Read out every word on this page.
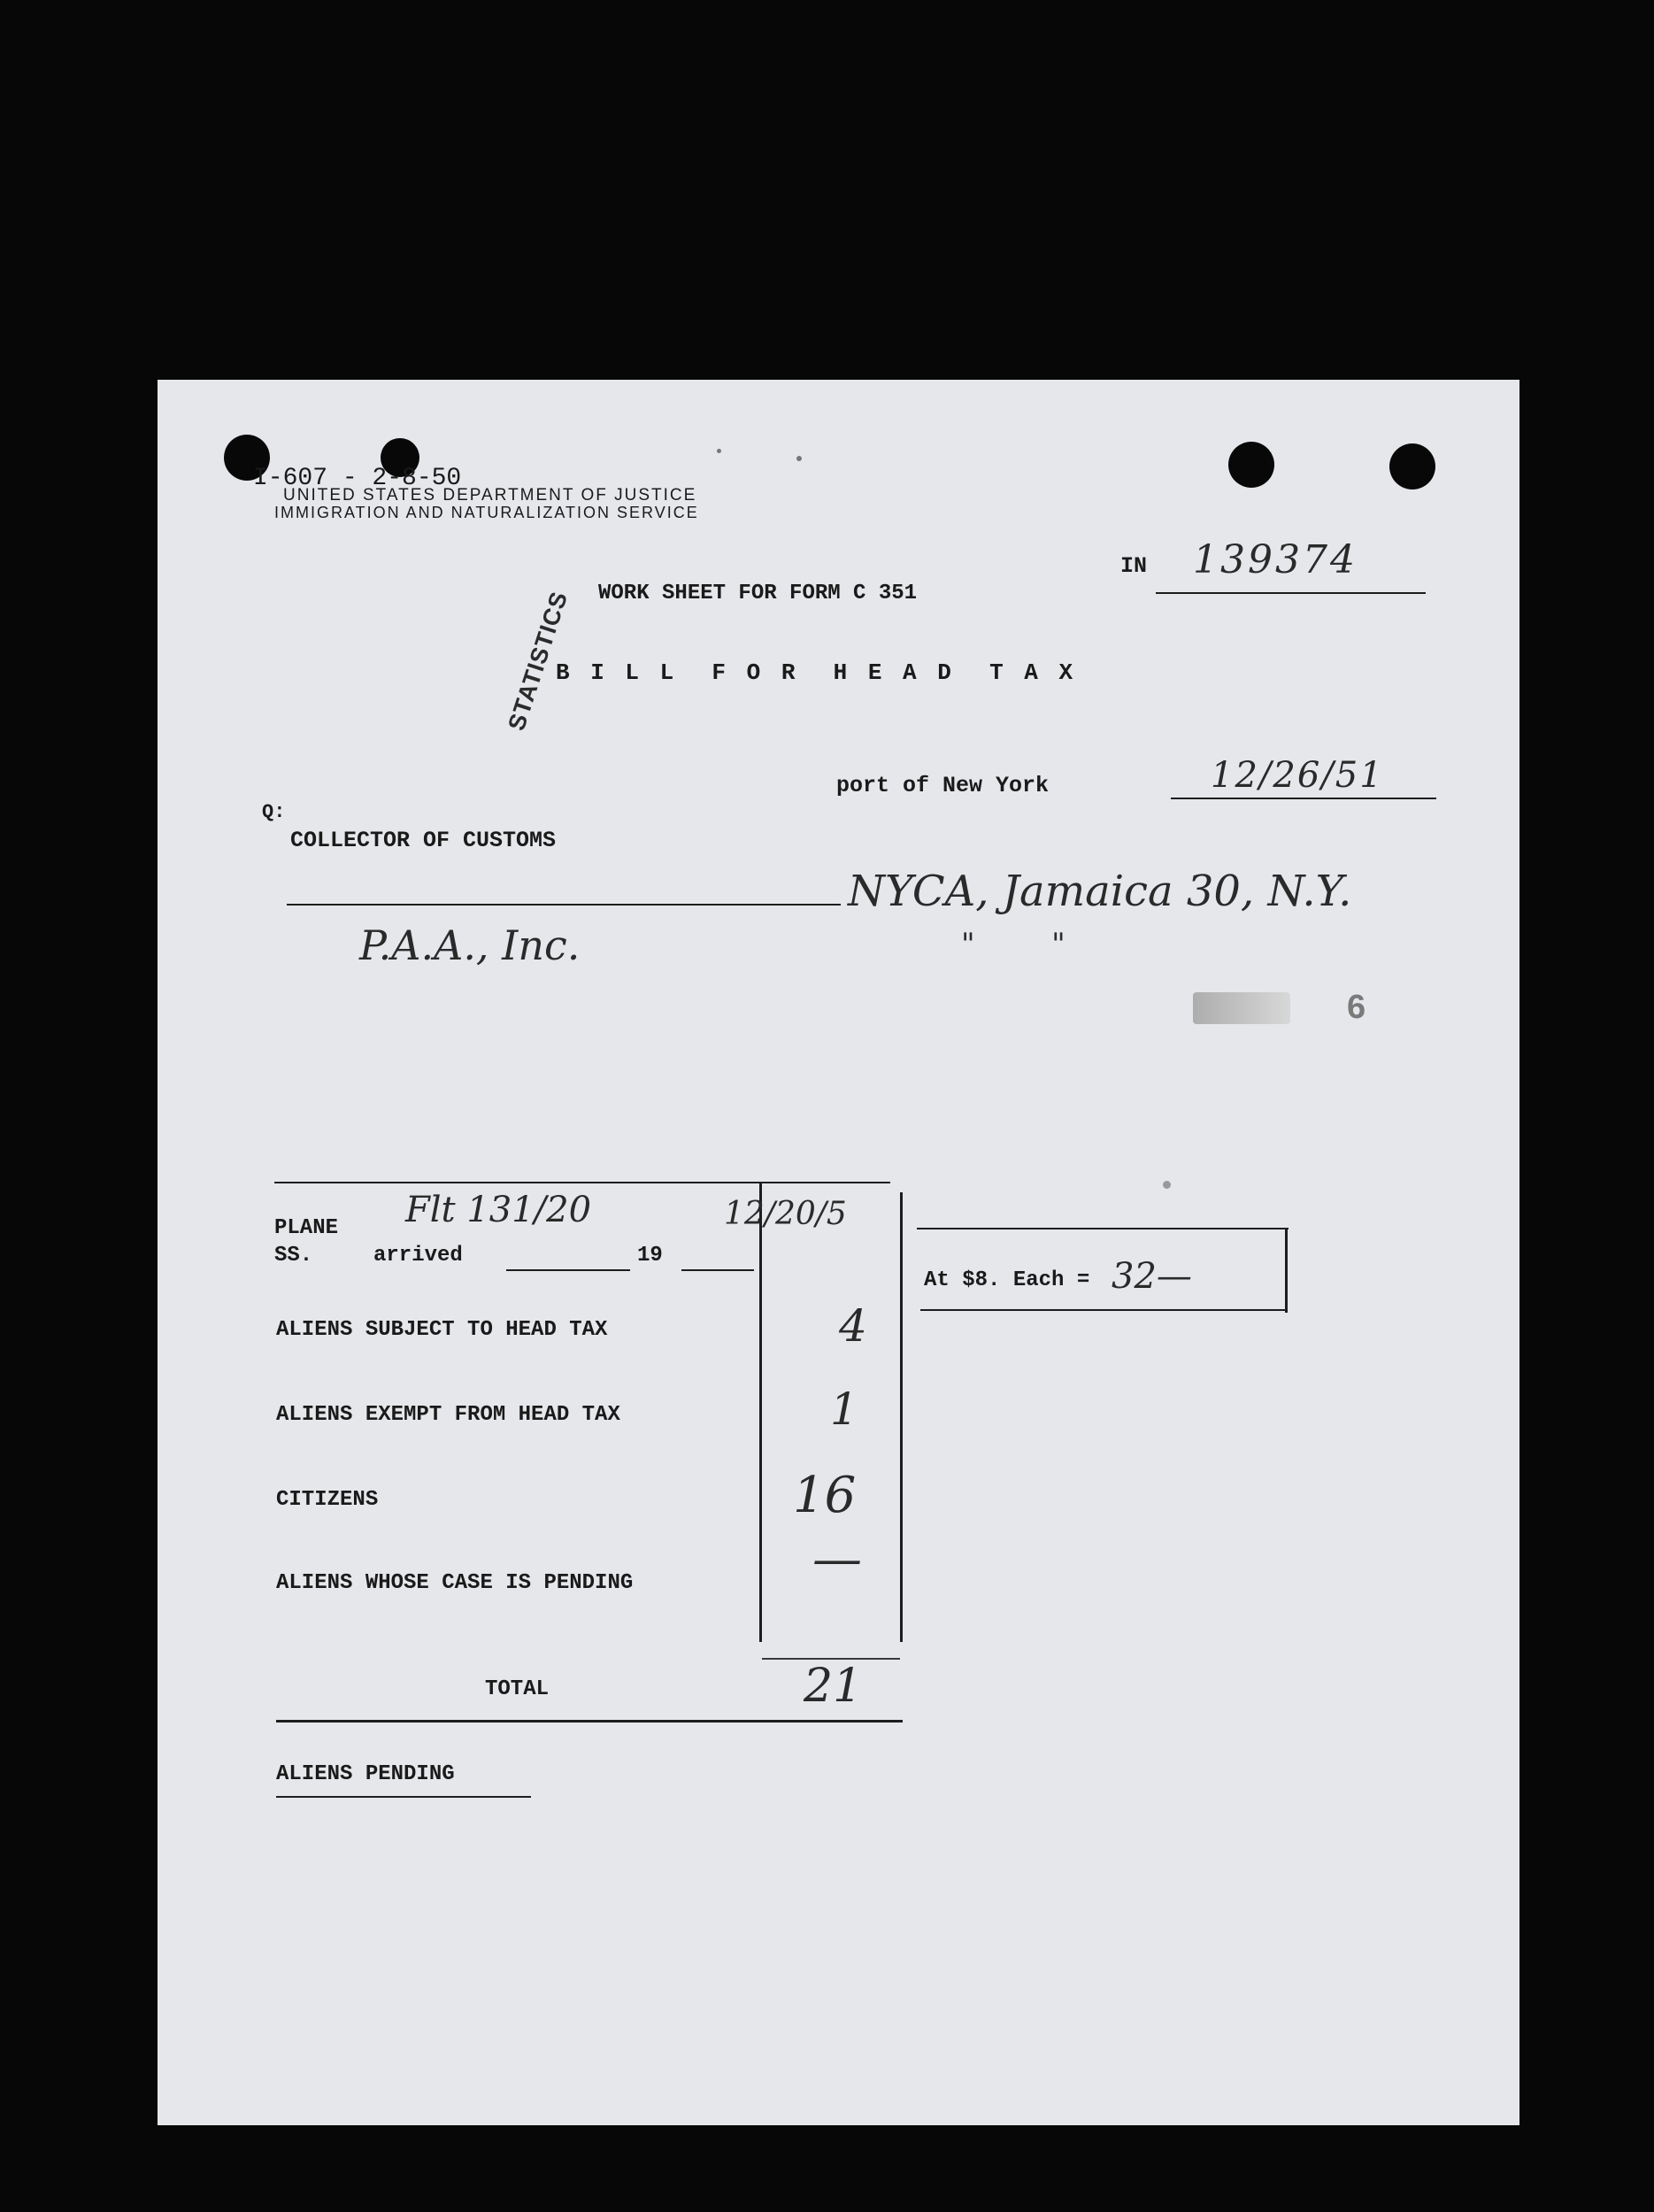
I-607 - 2-8-50
UNITED STATES DEPARTMENT OF JUSTICE
IMMIGRATION AND NATURALIZATION SERVICE
IN 139374
WORK SHEET FOR FORM C 351
B I L L  F O R  H E A D  T A X
STATISTICS
port of New York	12/26/51
Q:
COLLECTOR OF CUSTOMS
NYCA, Jamaica 30, N.Y.
"        "
P.A.A., Inc.
6
PLANE Flt 131/20	12/20/5
SS.	arrived	19
ALIENS SUBJECT TO HEAD TAX	4
ALIENS EXEMPT FROM HEAD TAX	1
CITIZENS	16
ALIENS WHOSE CASE IS PENDING	—
TOTAL	21
At $8. Each = 32—
ALIENS PENDING
